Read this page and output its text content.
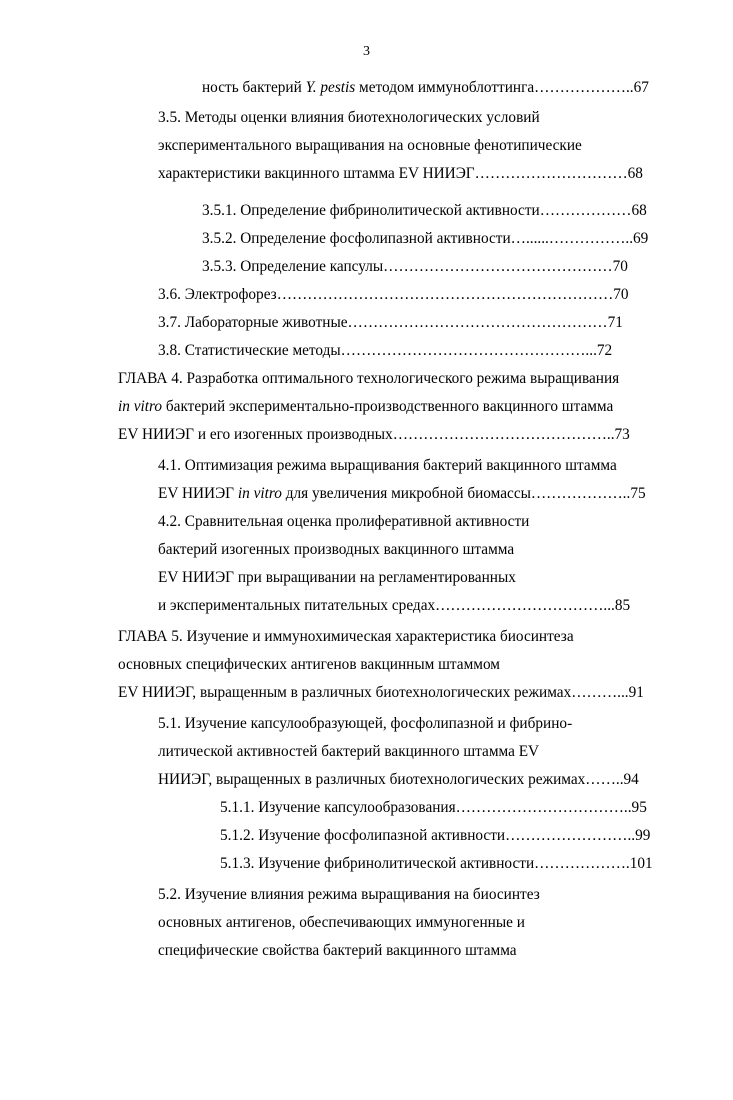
3
ность бактерий Y. pestis методом иммуноблоттинга………………..67
3.5. Методы оценки влияния биотехнологических условий
экспериментального выращивания на основные фенотипические
характеристики вакцинного штамма EV НИИЭГ…………………………68
3.5.1. Определение фибринолитической активности………………68
3.5.2. Определение фосфолипазной активности…......……………..69
3.5.3. Определение капсулы………………………………………70
3.6. Электрофорез…………………………………………………………70
3.7. Лабораторные животные……………………………………………71
3.8. Статистические методы…………………………………………...72
ГЛАВА 4. Разработка оптимального технологического режима выращивания
in vitro бактерий экспериментально-производственного вакцинного штамма
EV НИИЭГ и его изогенных производных……………………………………..73
4.1. Оптимизация режима выращивания бактерий вакцинного штамма
EV НИИЭГ in vitro для увеличения микробной биомассы………………..75
4.2. Сравнительная оценка пролиферативной активности
бактерий изогенных производных вакцинного штамма
EV НИИЭГ при выращивании на регламентированных
и экспериментальных питательных средах……………………………...85
ГЛАВА 5. Изучение и иммунохимическая характеристика биосинтеза
основных специфических антигенов вакцинным штаммом
EV НИИЭГ, выращенным в различных биотехнологических режимах………...91
5.1. Изучение капсулообразующей, фосфолипазной и фибрино-
литической активностей бактерий вакцинного штамма EV
НИИЭГ, выращенных в различных биотехнологических режимах……..94
5.1.1. Изучение капсулообразования……………………………..95
5.1.2. Изучение фосфолипазной активности……………………..99
5.1.3. Изучение фибринолитической активности……………….101
5.2. Изучение влияния режима выращивания на биосинтез
основных антигенов, обеспечивающих иммуногенные и
специфические свойства бактерий вакцинного штамма
